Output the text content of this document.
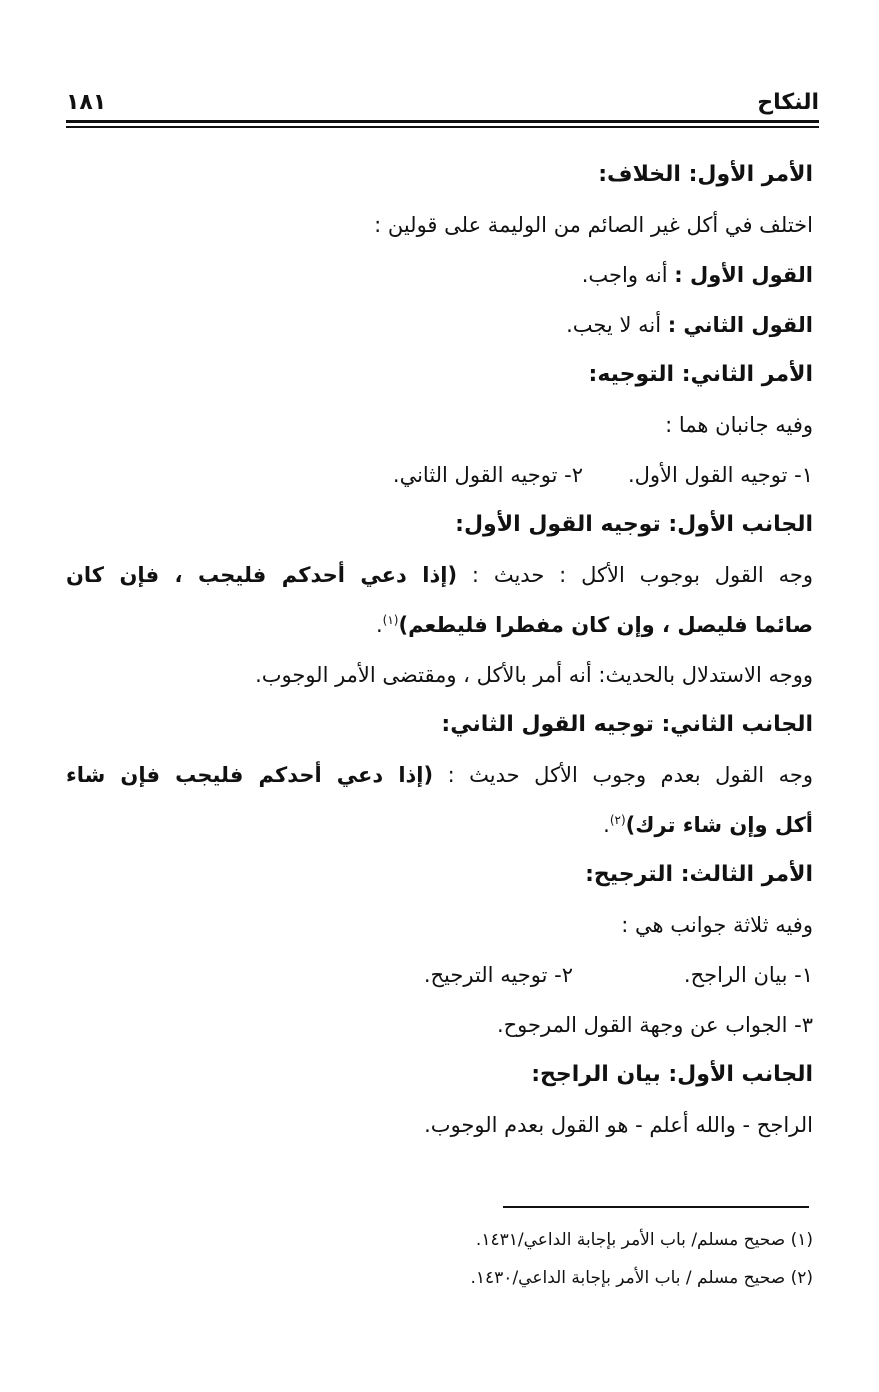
النكاح
١٨١
الأمر الأول: الخلاف:
اختلف في أكل غير الصائم من الوليمة على قولين :
القول الأول : أنه واجب.
القول الثاني : أنه لا يجب.
الأمر الثاني: التوجيه:
وفيه جانبان هما :
١- توجيه القول الأول.
٢- توجيه القول الثاني.
الجانب الأول: توجيه القول الأول:
وجه القول بوجوب الأكل : حديث : (إذا دعي أحدكم فليجب ، فإن كان
صائما فليصل ، وإن كان مفطرا فليطعم)$^{(١)}$.
ووجه الاستدلال بالحديث: أنه أمر بالأكل ، ومقتضى الأمر الوجوب.
الجانب الثاني: توجيه القول الثاني:
وجه القول بعدم وجوب الأكل حديث : (إذا دعي أحدكم فليجب فإن شاء
أكل وإن شاء ترك)$^{(٢)}$.
الأمر الثالث: الترجيح:
وفيه ثلاثة جوانب هي :
١- بيان الراجح.
٢- توجيه الترجيح.
٣- الجواب عن وجهة القول المرجوح.
الجانب الأول: بيان الراجح:
الراجح - والله أعلم - هو القول بعدم الوجوب.
(١) صحيح مسلم/ باب الأمر بإجابة الداعي/١٤٣١.
(٢) صحيح مسلم / باب الأمر بإجابة الداعي/١٤٣٠.
